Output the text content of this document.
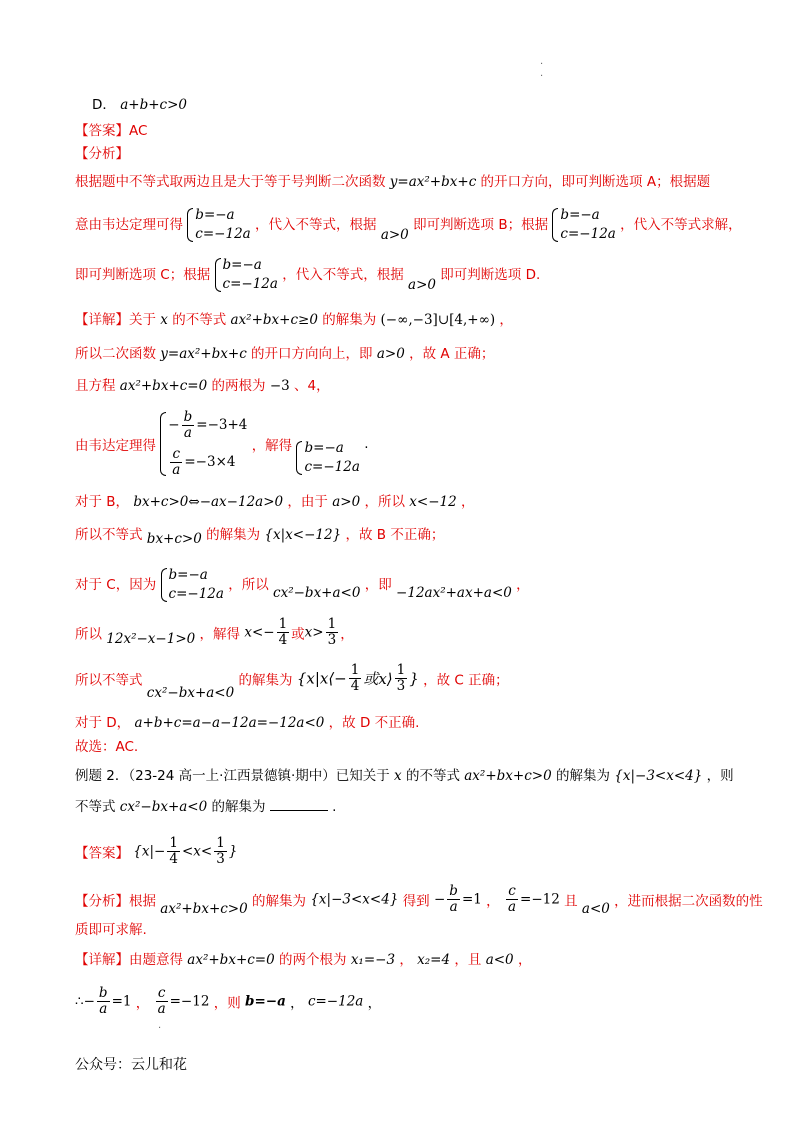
.
.
D． a+b+c>0
【答案】AC
【分析】
根据题中不等式取两边且是大于等于号判断二次函数 y=ax²+bx+c 的开口方向，即可判断选项 A；根据题
意由韦达定理可得
b=−a
c=−12a
，代入不等式，根据 a>0 即可判断选项 B；根据
b=−a
c=−12a
，代入不等式求解，
即可判断选项 C；根据
b=−a
c=−12a
，代入不等式，根据 a>0 即可判断选项 D.
【详解】关于 x 的不等式 ax²+bx+c≥0 的解集为 (−∞,−3]∪[4,+∞) ，
所以二次函数 y=ax²+bx+c 的开口方向向上，即 a>0 ，故 A 正确；
且方程 ax²+bx+c=0 的两根为 −3 、4，
由韦达定理得
− $\frac{b}{a} =-3+4$
$\frac{c}{a} =-3\times 4$
，解得 b=−a
c=−12a
.
对于 B， bx+c>0⇔−ax−12a>0 ，由于 a>0 ，所以 x<−12 ，
所以不等式 bx+c>0 的解集为 {x|x<−12} ，故 B 不正确；
对于 C，因为
b=−a
c=−12a
，所以 cx²−bx+a<0 ，即 −12ax²+ax+a<0 ，
所以 12x²−x−1>0 ，解得 $x<- \frac{1}{4}$ 或$x> \frac{1}{3}$ ，
所以不等式 cx²−bx+a<0 的解集为 {x|x⟨− $\frac{1}{4}$ 或x⟩ $\frac{1}{3}$ } ，故 C 正确；
对于 D， a+b+c=a−a−12a=−12a<0 ，故 D 不正确.
故选：AC.
例题 2．（23-24 高一上·江西景德镇·期中）已知关于 x 的不等式 ax²+bx+c>0 的解集为 {x|−3<x<4} ，则
不等式 cx²−bx+a<0 的解集为	.
【答案】 {$x|- \frac{1}{4} <x< \frac{1}{3}$ }
【分析】根据 ax²+bx+c>0 的解集为 {x|−3<x<4} 得到 − $\frac{b}{a} =1$ ， $\frac{c}{a} =-12$ 且 a<0 ，进而根据二次函数的性
质即可求解.
【详解】由题意得 ax²+bx+c=0 的两个根为 x₁=−3 ， x₂=4 ，且 a<0 ，
∴− $\frac{b}{a} =1$ ， $\frac{c}{a} =-12$ ，则 b=−a ， c=−12a ，
.
公众号：云儿和花
